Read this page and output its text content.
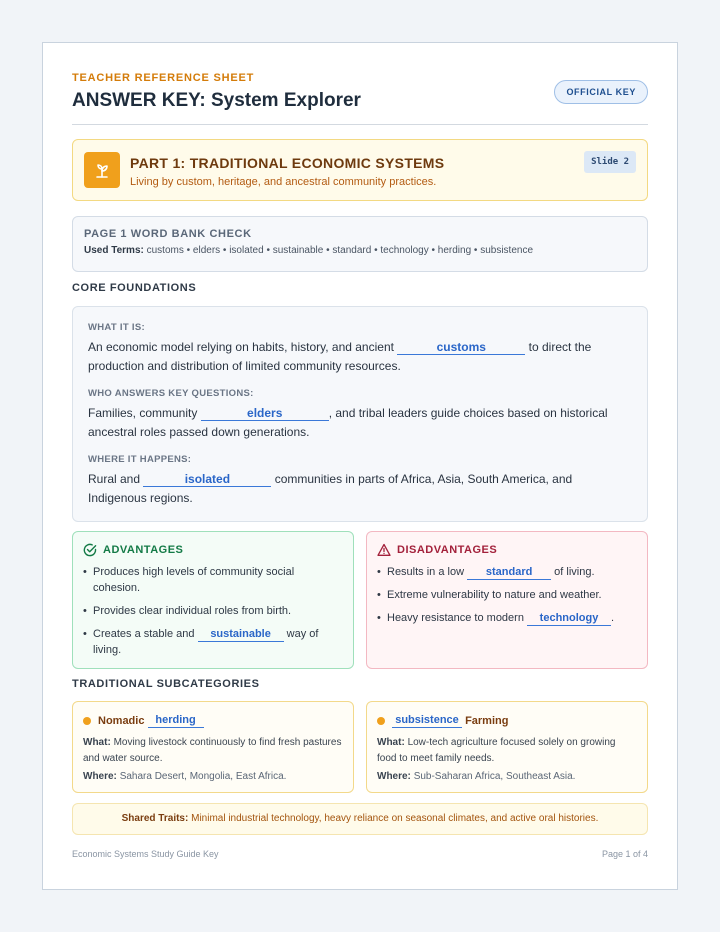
TEACHER REFERENCE SHEET
ANSWER KEY: System Explorer	OFFICIAL KEY
PART 1: TRADITIONAL ECONOMIC SYSTEMS
Living by custom, heritage, and ancestral community practices.
Slide 2
PAGE 1 WORD BANK CHECK
Used Terms: customs • elders • isolated • sustainable • standard • technology • herding • subsistence
CORE FOUNDATIONS
WHAT IT IS:
An economic model relying on habits, history, and ancient	customs	to direct the production and distribution of limited community resources.
WHO ANSWERS KEY QUESTIONS:
Families, community	elders	, and tribal leaders guide choices based on historical ancestral roles passed down generations.
WHERE IT HAPPENS:
Rural and	isolated	communities in parts of Africa, Asia, South America, and Indigenous regions.
ADVANTAGES
• Produces high levels of community social cohesion.
• Provides clear individual roles from birth.
• Creates a stable and sustainable way of living.
DISADVANTAGES
• Results in a low standard of living.
• Extreme vulnerability to nature and weather.
• Heavy resistance to modern technology .
TRADITIONAL SUBCATEGORIES
Nomadic
herding
What: Moving livestock continuously to find fresh pastures and water source.
Where: Sahara Desert, Mongolia, East Africa.
subsistence
Farming
What: Low-tech agriculture focused solely on growing food to meet family needs.
Where: Sub-Saharan Africa, Southeast Asia.
Shared Traits: Minimal industrial technology, heavy reliance on seasonal climates, and active oral histories.
Economic Systems Study Guide Key	Page 1 of 4
